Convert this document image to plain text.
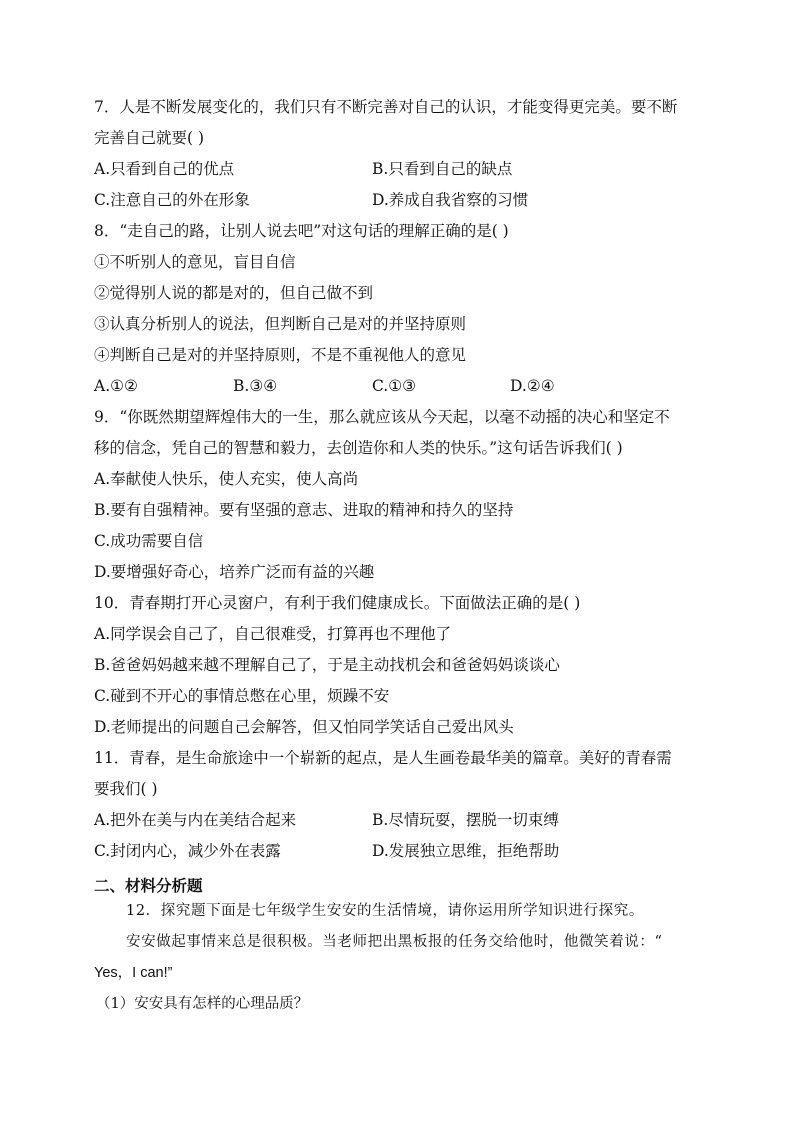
7．人是不断发展变化的，我们只有不断完善对自己的认识，才能变得更完美。要不断
完善自己就要( )
A.只看到自己的优点	B.只看到自己的缺点
C.注意自己的外在形象	D.养成自我省察的习惯
8．“走自己的路，让别人说去吧”对这句话的理解正确的是( )
①不听别人的意见，盲目自信
②觉得别人说的都是对的，但自己做不到
③认真分析别人的说法，但判断自己是对的并坚持原则
④判断自己是对的并坚持原则，不是不重视他人的意见
A.①②	B.③④	C.①③	D.②④
9．“你既然期望辉煌伟大的一生，那么就应该从今天起，以毫不动摇的决心和坚定不
移的信念，凭自己的智慧和毅力，去创造你和人类的快乐。”这句话告诉我们( )
A.奉献使人快乐，使人充实，使人高尚
B.要有自强精神。要有坚强的意志、进取的精神和持久的坚持
C.成功需要自信
D.要增强好奇心，培养广泛而有益的兴趣
10．青春期打开心灵窗户，有利于我们健康成长。下面做法正确的是( )
A.同学误会自己了，自己很难受，打算再也不理他了
B.爸爸妈妈越来越不理解自己了，于是主动找机会和爸爸妈妈谈谈心
C.碰到不开心的事情总憋在心里，烦躁不安
D.老师提出的问题自己会解答，但又怕同学笑话自己爱出风头
11．青春，是生命旅途中一个崭新的起点，是人生画卷最华美的篇章。美好的青春需
要我们( )
A.把外在美与内在美结合起来	B.尽情玩耍，摆脱一切束缚
C.封闭内心，减少外在表露	D.发展独立思维，拒绝帮助
二、材料分析题
12．探究题下面是七年级学生安安的生活情境，请你运用所学知识进行探究。
安安做起事情来总是很积极。当老师把出黑板报的任务交给他时，他微笑着说：“
Yes，I can!”
（1）安安具有怎样的心理品质？
